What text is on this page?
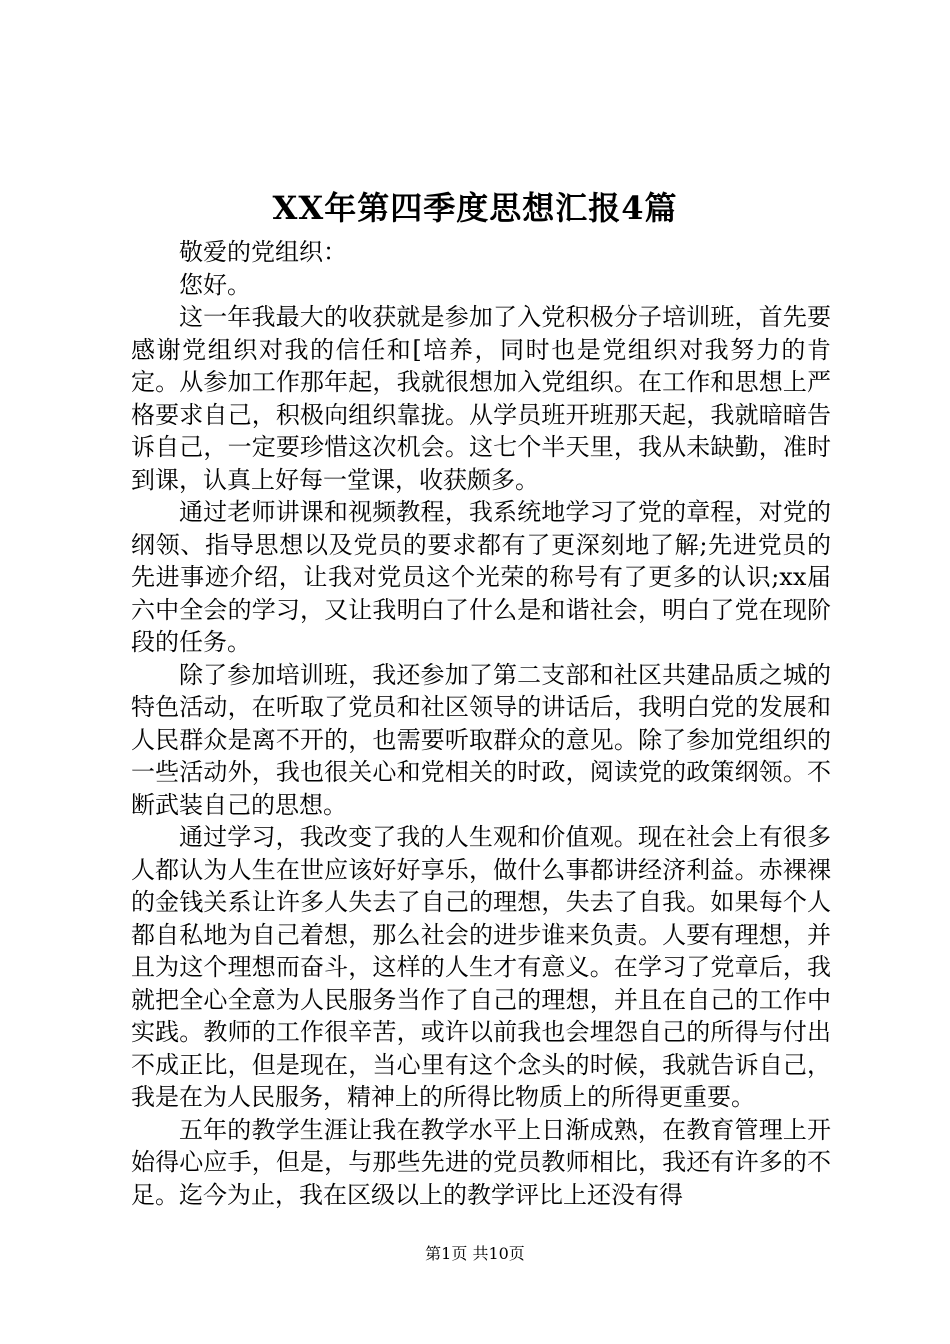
XX年第四季度思想汇报4篇

敬爱的党组织：

您好。

这一年我最大的收获就是参加了入党积极分子培训班，首先要感谢党组织对我的信任和[培养，同时也是党组织对我努力的肯定。从参加工作那年起，我就很想加入党组织。在工作和思想上严格要求自己，积极向组织靠拢。从学员班开班那天起，我就暗暗告诉自己，一定要珍惜这次机会。这七个半天里，我从未缺勤，准时到课，认真上好每一堂课，收获颇多。

通过老师讲课和视频教程，我系统地学习了党的章程，对党的纲领、指导思想以及党员的要求都有了更深刻地了解;先进党员的先进事迹介绍，让我对党员这个光荣的称号有了更多的认识;xx届六中全会的学习，又让我明白了什么是和谐社会，明白了党在现阶段的任务。

除了参加培训班，我还参加了第二支部和社区共建品质之城的特色活动，在听取了党员和社区领导的讲话后，我明白党的发展和人民群众是离不开的，也需要听取群众的意见。除了参加党组织的一些活动外，我也很关心和党相关的时政，阅读党的政策纲领。不断武装自己的思想。

通过学习，我改变了我的人生观和价值观。现在社会上有很多人都认为人生在世应该好好享乐，做什么事都讲经济利益。赤裸裸的金钱关系让许多人失去了自己的理想，失去了自我。如果每个人都自私地为自己着想，那么社会的进步谁来负责。人要有理想，并且为这个理想而奋斗，这样的人生才有意义。在学习了党章后，我就把全心全意为人民服务当作了自己的理想，并且在自己的工作中实践。教师的工作很辛苦，或许以前我也会埋怨自己的所得与付出不成正比，但是现在，当心里有这个念头的时候，我就告诉自己，我是在为人民服务，精神上的所得比物质上的所得更重要。

五年的教学生涯让我在教学水平上日渐成熟，在教育管理上开始得心应手，但是，与那些先进的党员教师相比，我还有许多的不足。迄今为止，我在区级以上的教学评比上还没有得

第1页 共10页
